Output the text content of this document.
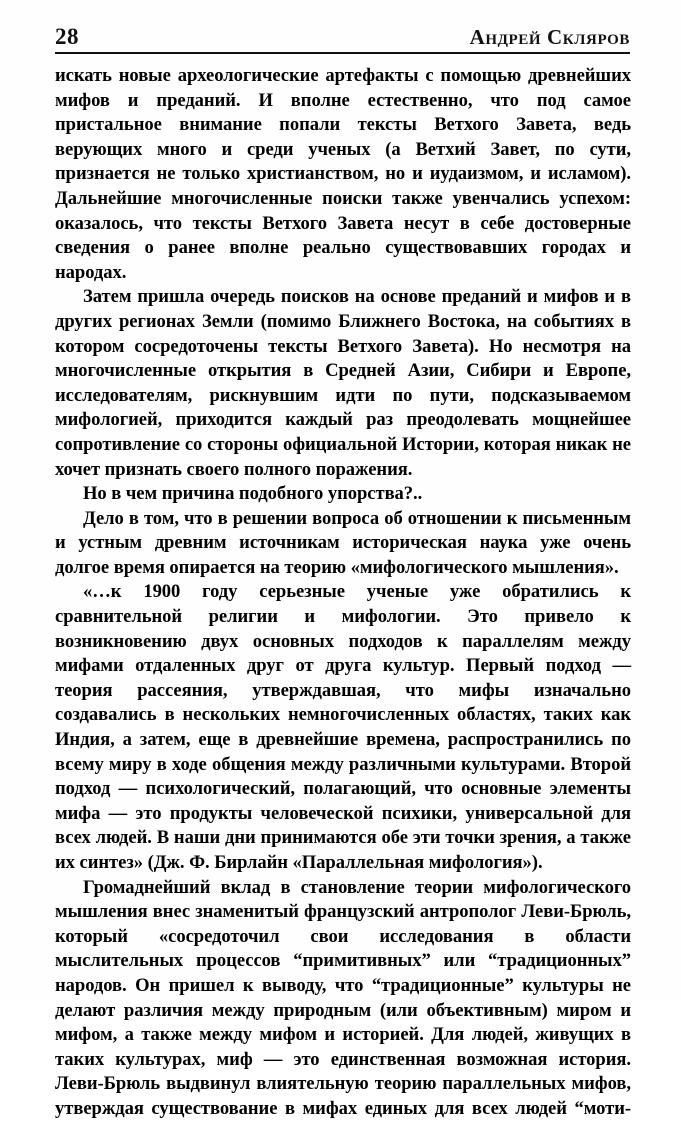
28	Андрей Скляров

искать новые археологические артефакты с помощью древнейших мифов и преданий. И вполне естественно, что под самое пристальное внимание попали тексты Ветхого Завета, ведь верующих много и среди ученых (а Ветхий Завет, по сути, признается не только христианством, но и иудаизмом, и исламом). Дальнейшие многочисленные поиски также увенчались успехом: оказалось, что тексты Ветхого Завета несут в себе достоверные сведения о ранее вполне реально существовавших городах и народах.

Затем пришла очередь поисков на основе преданий и мифов и в других регионах Земли (помимо Ближнего Востока, на событиях в котором сосредоточены тексты Ветхого Завета). Но несмотря на многочисленные открытия в Средней Азии, Сибири и Европе, исследователям, рискнувшим идти по пути, подсказываемом мифологией, приходится каждый раз преодолевать мощнейшее сопротивление со стороны официальной Истории, которая никак не хочет признать своего полного поражения.

Но в чем причина подобного упорства?..

Дело в том, что в решении вопроса об отношении к письменным и устным древним источникам историческая наука уже очень долгое время опирается на теорию «мифологического мышления».

«…к 1900 году серьезные ученые уже обратились к сравнительной религии и мифологии. Это привело к возникновению двух основных подходов к параллелям между мифами отдаленных друг от друга культур. Первый подход — теория рассеяния, утверждавшая, что мифы изначально создавались в нескольких немногочисленных областях, таких как Индия, а затем, еще в древнейшие времена, распространились по всему миру в ходе общения между различными культурами. Второй подход — психологический, полагающий, что основные элементы мифа — это продукты человеческой психики, универсальной для всех людей. В наши дни принимаются обе эти точки зрения, а также их синтез» (Дж. Ф. Бирлайн «Параллельная мифология»).

Громаднейший вклад в становление теории мифологического мышления внес знаменитый французский антрополог Леви-Брюль, который «сосредоточил свои исследования в области мыслительных процессов “примитивных” или “традиционных” народов. Он пришел к выводу, что “традиционные” культуры не делают различия между природным (или объективным) миром и мифом, а также между мифом и историей. Для людей, живущих в таких культурах, миф — это единственная возможная история. Леви-Брюль выдвинул влиятельную теорию параллельных мифов, утверждая существование в мифах единых для всех людей “моти-
